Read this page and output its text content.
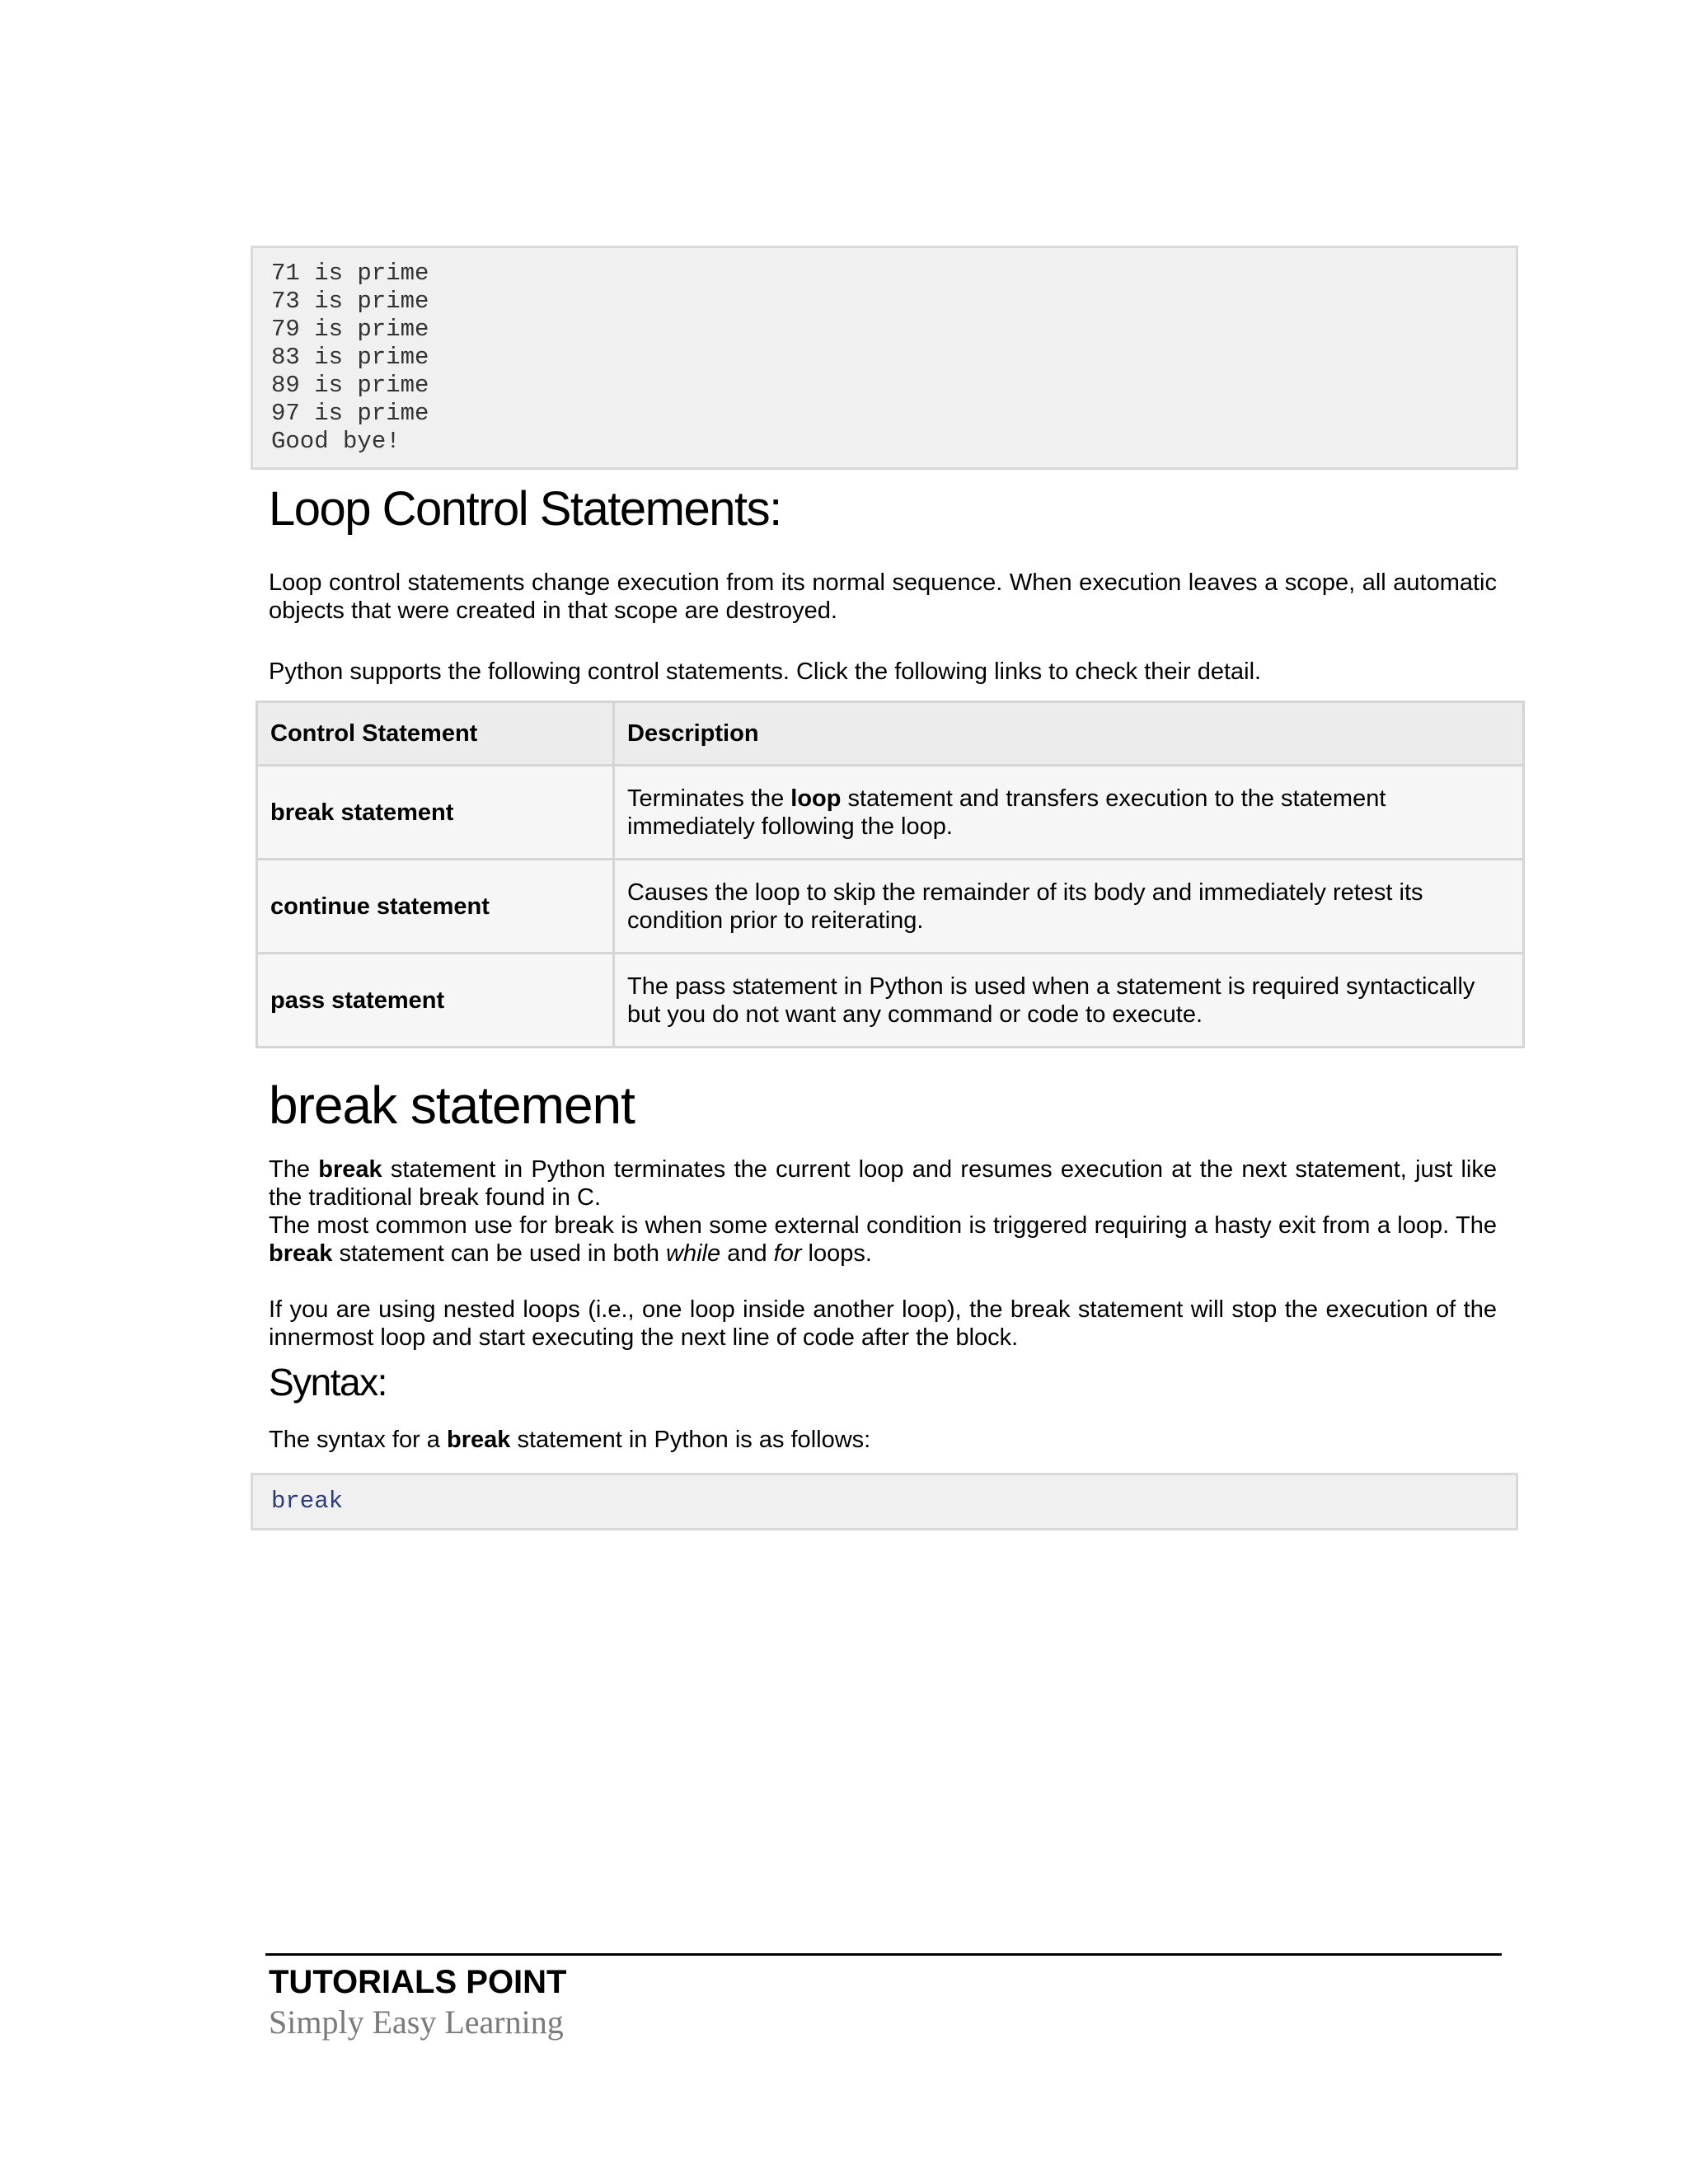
71 is prime
73 is prime
79 is prime
83 is prime
89 is prime
97 is prime
Good bye!
Loop Control Statements:

Loop control statements change execution from its normal sequence. When execution leaves a scope, all automatic objects that were created in that scope are destroyed.

Python supports the following control statements. Click the following links to check their detail.

Control Statement	Description
break statement	Terminates the loop statement and transfers execution to the statement immediately following the loop.
continue statement	Causes the loop to skip the remainder of its body and immediately retest its condition prior to reiterating.
pass statement	The pass statement in Python is used when a statement is required syntactically but you do not want any command or code to execute.
break statement

The break statement in Python terminates the current loop and resumes execution at the next statement, just like the traditional break found in C.
The most common use for break is when some external condition is triggered requiring a hasty exit from a loop. The break statement can be used in both while and for loops.

If you are using nested loops (i.e., one loop inside another loop), the break statement will stop the execution of the innermost loop and start executing the next line of code after the block.

Syntax:

The syntax for a break statement in Python is as follows:

break
TUTORIALS POINT
Simply Easy Learning
